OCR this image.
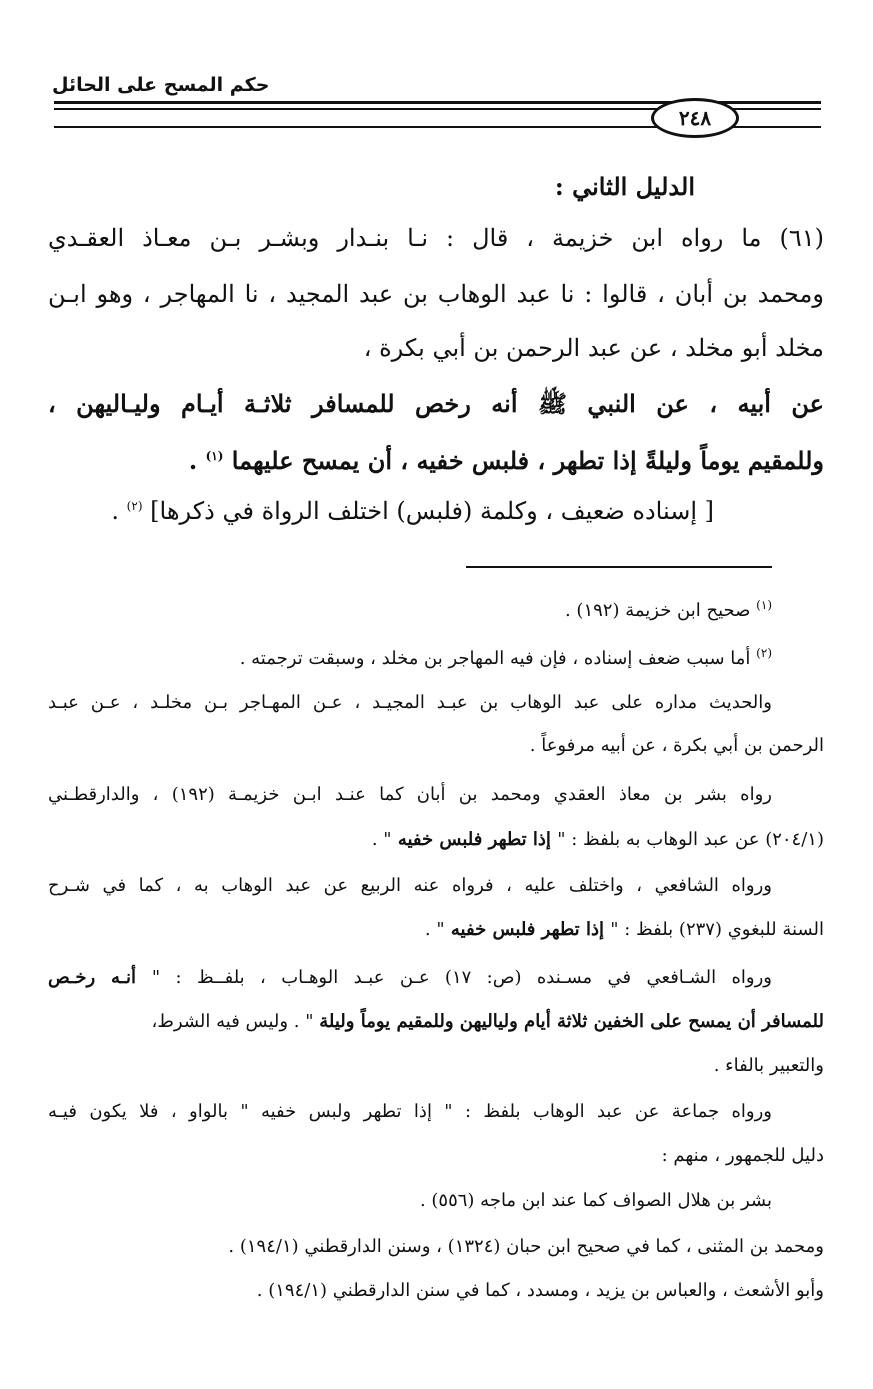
حكم المسح على الحائل
٢٤٨
الدليل الثاني :
(٦١) ما رواه ابن خزيمة ، قال : نـا بنـدار وبشـر بـن معـاذ العقـدي
ومحمد بن أبان ، قالوا : نا عبد الوهاب بن عبد المجيد ، نا المهاجر ، وهو ابـن
مخلد أبو مخلد ، عن عبد الرحمن بن أبي بكرة ،
عن أبيه ، عن النبي ﷺ أنه رخص للمسافر ثلاثـة أيـام وليـاليهن ،
وللمقيم يوماً وليلةً إذا تطهر ، فلبس خفيه ، أن يمسح عليهما $^{(١)}$ .
[ إسناده ضعيف ، وكلمة (فلبس) اختلف الرواة في ذكرها] $^{(٢)}$ .
$^{(١)}$ صحيح ابن خزيمة (١٩٢) .
$^{(٢)}$ أما سبب ضعف إسناده ، فإن فيه المهاجر بن مخلد ، وسبقت ترجمته .
والحديث مداره على عبد الوهاب بن عبـد المجيـد ، عـن المهـاجر بـن مخلـد ، عـن عبـد
الرحمن بن أبي بكرة ، عن أبيه مرفوعاً .
رواه بشر بن معاذ العقدي ومحمد بن أبان كما عنـد ابـن خزيمـة (١٩٢) ، والدارقطـني
(٢٠٤/١) عن عبد الوهاب به بلفظ : " إذا تطهر فلبس خفيه " .
ورواه الشافعي ، واختلف عليه ، فرواه عنه الربيع عن عبد الوهاب به ، كما في شـرح
السنة للبغوي (٢٣٧) بلفظ : " إذا تطهر فلبس خفيه " .
ورواه الشـافعي في مسـنده (ص: ١٧) عـن عبـد الوهـاب ، بلفــظ : " أنـه رخـص
للمسافر أن يمسح على الخفين ثلاثة أيام ولياليهن وللمقيم يوماً وليلة " . وليس فيه الشرط،
والتعبير بالفاء .
ورواه جماعة عن عبد الوهاب بلفظ : " إذا تطهر ولبس خفيه " بالواو ، فلا يكون فيـه
دليل للجمهور ، منهم :
بشر بن هلال الصواف كما عند ابن ماجه (٥٥٦) .
ومحمد بن المثنى ، كما في صحيح ابن حبان (١٣٢٤) ، وسنن الدارقطني (١٩٤/١) .
وأبو الأشعث ، والعباس بن يزيد ، ومسدد ، كما في سنن الدارقطني (١٩٤/١) .
